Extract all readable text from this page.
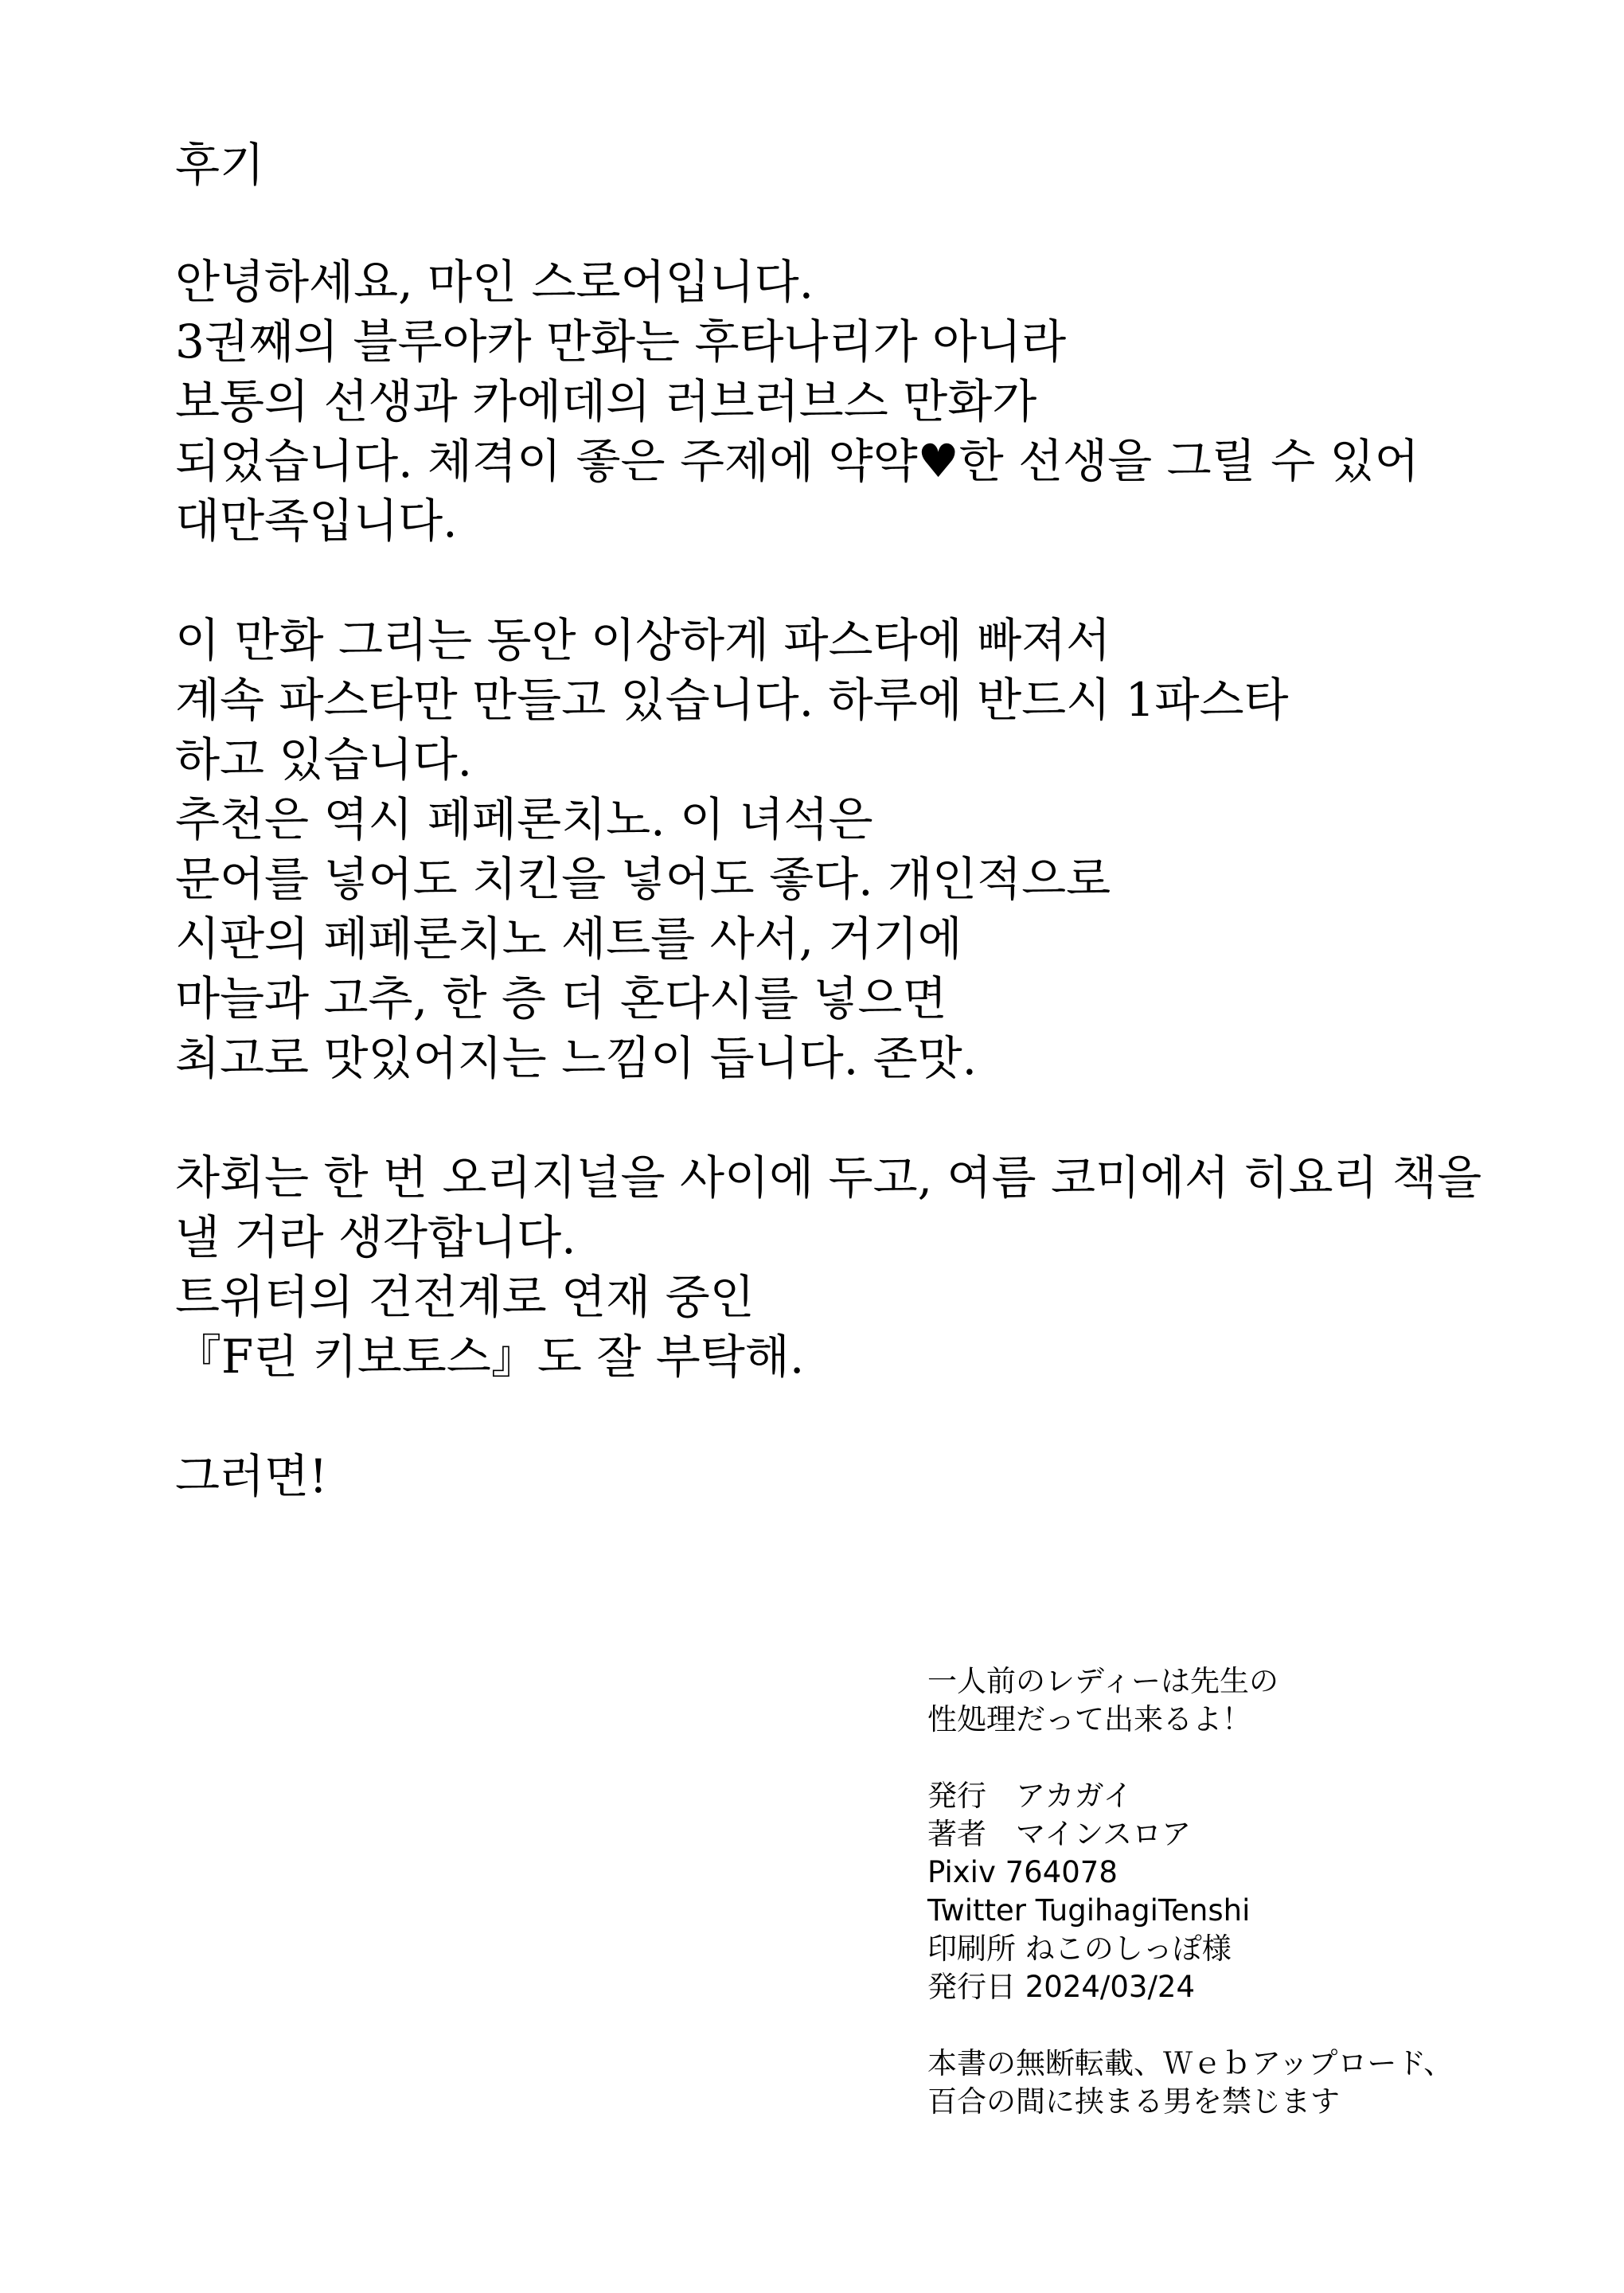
후기
안녕하세요, 마인 스로어입니다.
3권째의 블루아카 만화는 후타나리가 아니라
보통의 선생과 카에데의 러브러브스 만화가
되었습니다. 체격이 좋은 주제에 약약♥한 선생을 그릴 수 있어
대만족입니다.
이 만화 그리는 동안 이상하게 파스타에 빠져서
계속 파스타만 만들고 있습니다. 하루에 반드시 1파스타
하고 있습니다.
추천은 역시 페페론치노. 이 녀석은
문어를 넣어도 치킨을 넣어도 좋다. 개인적으로
시판의 페페론치노 세트를 사서, 거기에
마늘과 고추, 한 층 더 혼다시를 넣으면
최고로 맛있어지는 느낌이 듭니다. 존맛.
차회는 한 번 오리지널을 사이에 두고, 여름 코미에서 히요리 책을
낼 거라 생각합니다.
트위터의 건전계로 연재 중인
『F린 키보토스』도 잘 부탁해.
그러면!
一人前のレディーは先生の
性処理だって出来るよ！
発行　アカガイ
著者　マインスロア
Pixiv 764078
Twitter TugihagiTenshi
印刷所 ねこのしっぽ様
発行日 2024/03/24
本書の無断転載、Ｗｅｂアップロード、
百合の間に挟まる男を禁じます
